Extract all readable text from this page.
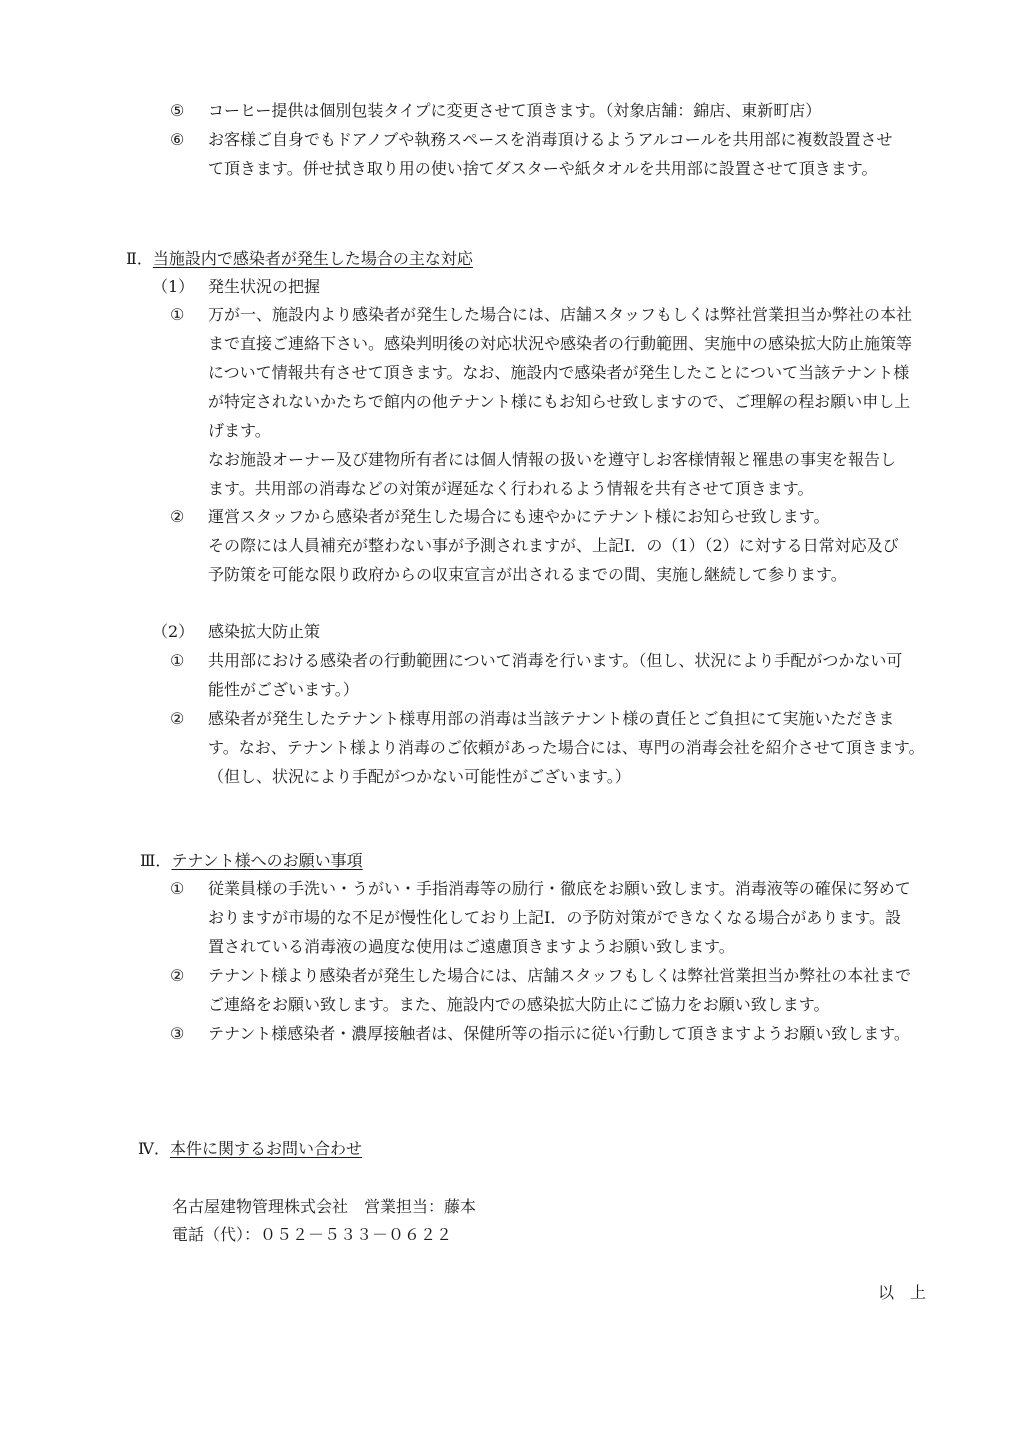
⑤	コーヒー提供は個別包装タイプに変更させて頂きます。（対象店舗：錦店、東新町店）
⑥	お客様ご自身でもドアノブや執務スペースを消毒頂けるようアルコールを共用部に複数設置させ
て頂きます。併せ拭き取り用の使い捨てダスターや紙タオルを共用部に設置させて頂きます。
Ⅱ．当施設内で感染者が発生した場合の主な対応
（1） 発生状況の把握
①	万が一、施設内より感染者が発生した場合には、店舗スタッフもしくは弊社営業担当か弊社の本社
まで直接ご連絡下さい。感染判明後の対応状況や感染者の行動範囲、実施中の感染拡大防止施策等
について情報共有させて頂きます。なお、施設内で感染者が発生したことについて当該テナント様
が特定されないかたちで館内の他テナント様にもお知らせ致しますので、ご理解の程お願い申し上
げます。
なお施設オーナー及び建物所有者には個人情報の扱いを遵守しお客様情報と罹患の事実を報告し
ます。共用部の消毒などの対策が遅延なく行われるよう情報を共有させて頂きます。
②	運営スタッフから感染者が発生した場合にも速やかにテナント様にお知らせ致します。
その際には人員補充が整わない事が予測されますが、上記Ⅰ．の（1）（2）に対する日常対応及び
予防策を可能な限り政府からの収束宣言が出されるまでの間、実施し継続して参ります。
（2） 感染拡大防止策
①	共用部における感染者の行動範囲について消毒を行います。（但し、状況により手配がつかない可
能性がございます。）
②	感染者が発生したテナント様専用部の消毒は当該テナント様の責任とご負担にて実施いただきま
す。なお、テナント様より消毒のご依頼があった場合には、専門の消毒会社を紹介させて頂きます。
（但し、状況により手配がつかない可能性がございます。）
Ⅲ．テナント様へのお願い事項
①	従業員様の手洗い・うがい・手指消毒等の励行・徹底をお願い致します。消毒液等の確保に努めて
おりますが市場的な不足が慢性化しており上記Ⅰ．の予防対策ができなくなる場合があります。設
置されている消毒液の過度な使用はご遠慮頂きますようお願い致します。
②	テナント様より感染者が発生した場合には、店舗スタッフもしくは弊社営業担当か弊社の本社まで
ご連絡をお願い致します。また、施設内での感染拡大防止にご協力をお願い致します。
③	テナント様感染者・濃厚接触者は、保健所等の指示に従い行動して頂きますようお願い致します。
Ⅳ．本件に関するお問い合わせ
名古屋建物管理株式会社　営業担当：藤本
電話（代）：０５２－５３３－０６２２
以　上
